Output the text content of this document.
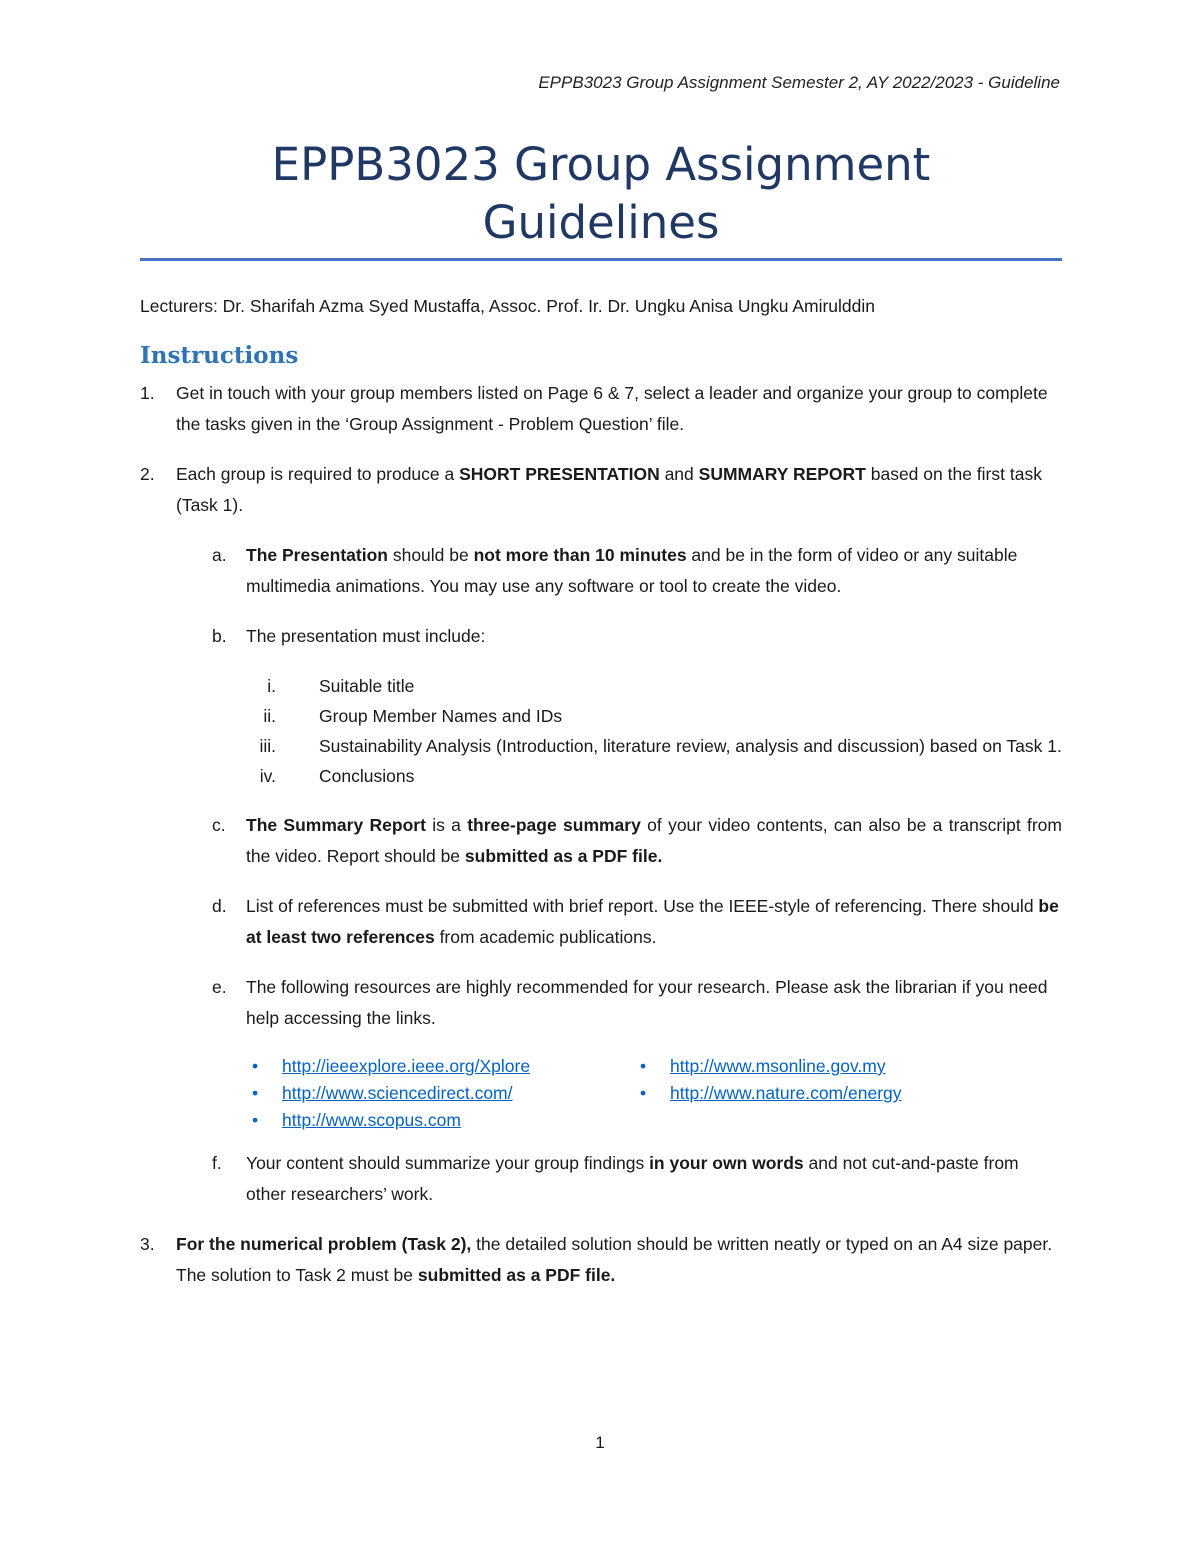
EPPB3023 Group Assignment Semester 2, AY 2022/2023 - Guideline
EPPB3023 Group Assignment
Guidelines
Lecturers: Dr. Sharifah Azma Syed Mustaffa, Assoc. Prof. Ir. Dr. Ungku Anisa Ungku Amirulddin
Instructions
1. Get in touch with your group members listed on Page 6 & 7, select a leader and organize your group to complete the tasks given in the ‘Group Assignment - Problem Question’ file.
2. Each group is required to produce a SHORT PRESENTATION and SUMMARY REPORT based on the first task (Task 1).
a. The Presentation should be not more than 10 minutes and be in the form of video or any suitable multimedia animations. You may use any software or tool to create the video.
b. The presentation must include:
i. Suitable title
ii. Group Member Names and IDs
iii. Sustainability Analysis (Introduction, literature review, analysis and discussion) based on Task 1.
iv. Conclusions
c. The Summary Report is a three-page summary of your video contents, can also be a transcript from the video. Report should be submitted as a PDF file.
d. List of references must be submitted with brief report. Use the IEEE-style of referencing. There should be at least two references from academic publications.
e. The following resources are highly recommended for your research. Please ask the librarian if you need help accessing the links.
• http://ieeexplore.ieee.org/Xplore
• http://www.sciencedirect.com/
• http://www.scopus.com
• http://www.msonline.gov.my
• http://www.nature.com/energy
f. Your content should summarize your group findings in your own words and not cut-and-paste from other researchers’ work.
3. For the numerical problem (Task 2), the detailed solution should be written neatly or typed on an A4 size paper. The solution to Task 2 must be submitted as a PDF file.
1
